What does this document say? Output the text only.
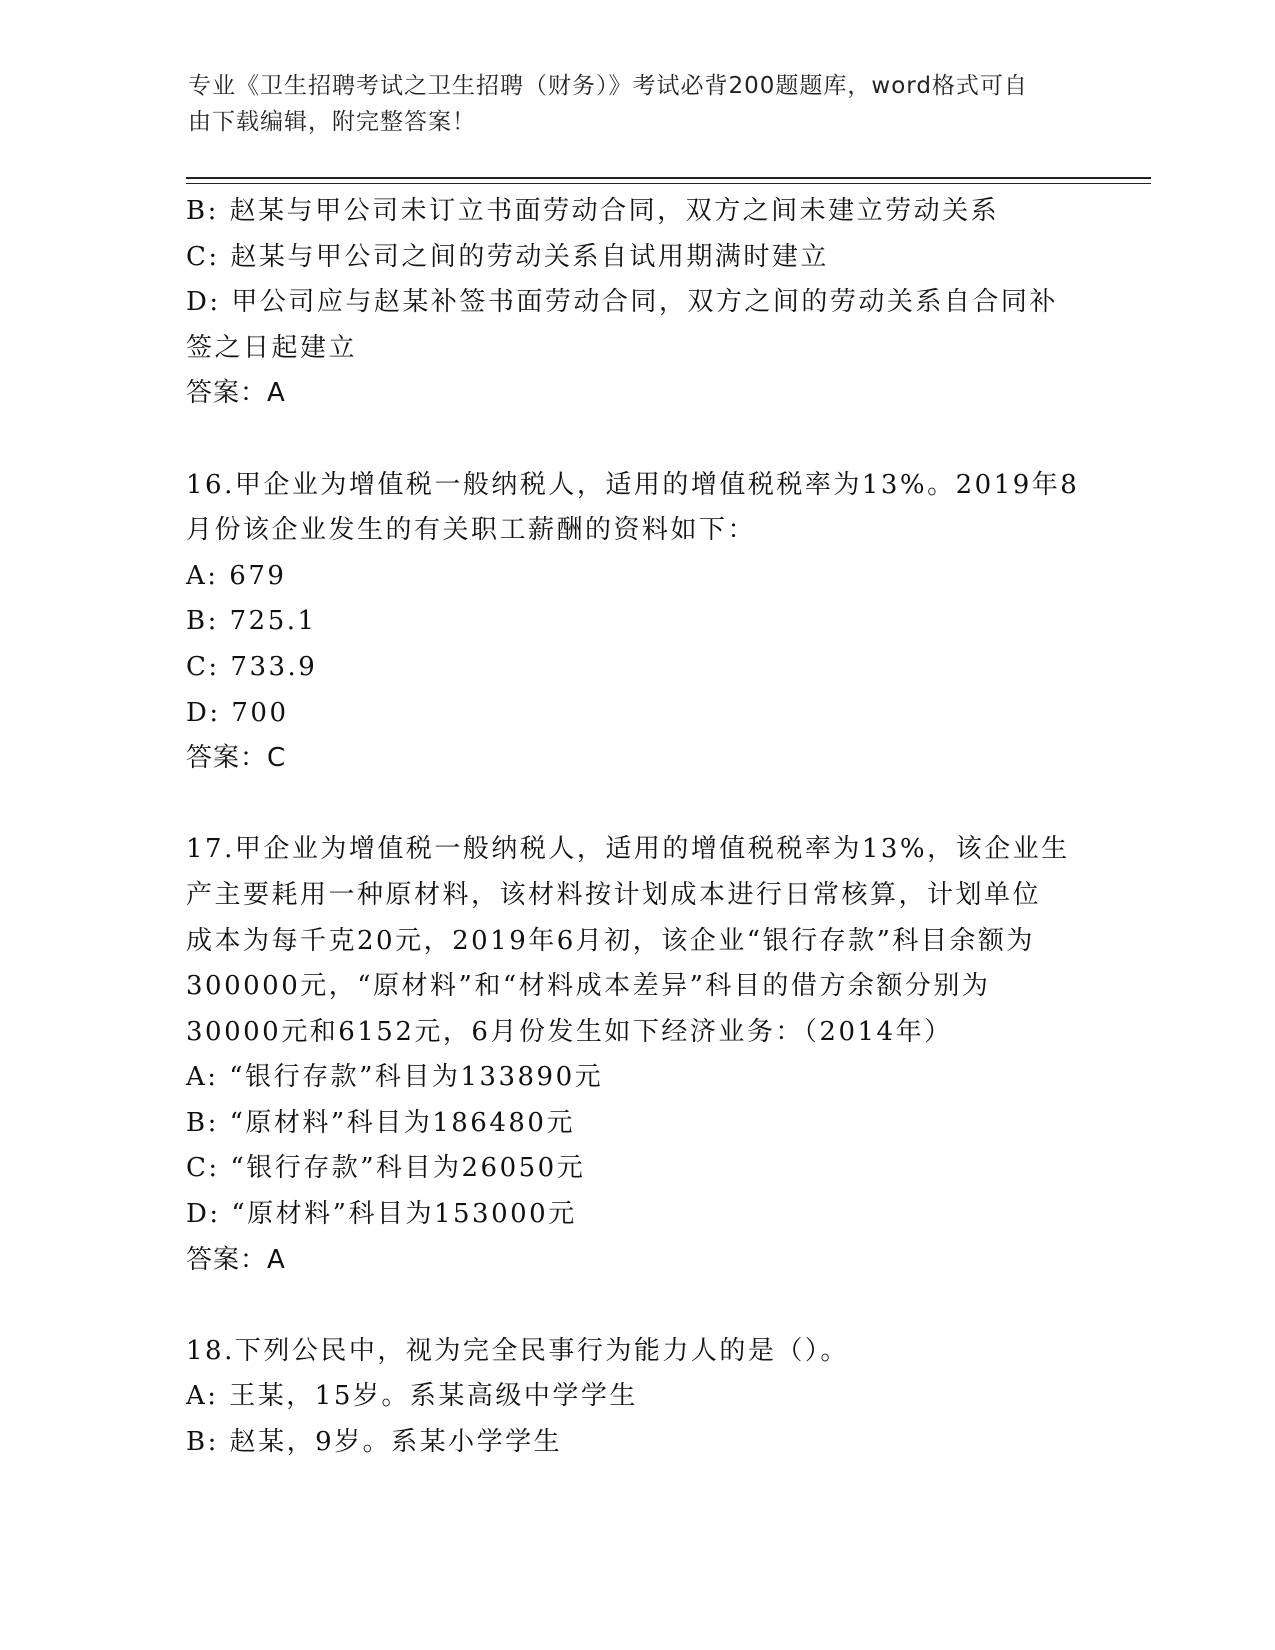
专业《卫生招聘考试之卫生招聘（财务）》考试必背200题题库，word格式可自
由下载编辑，附完整答案！
B: 赵某与甲公司未订立书面劳动合同，双方之间未建立劳动关系
C: 赵某与甲公司之间的劳动关系自试用期满时建立
D: 甲公司应与赵某补签书面劳动合同，双方之间的劳动关系自合同补
签之日起建立
答案：A
16.甲企业为增值税一般纳税人，适用的增值税税率为13%。2019年8
月份该企业发生的有关职工薪酬的资料如下：
A: 679
B: 725.1
C: 733.9
D: 700
答案：C
17.甲企业为增值税一般纳税人，适用的增值税税率为13%，该企业生
产主要耗用一种原材料，该材料按计划成本进行日常核算，计划单位
成本为每千克20元，2019年6月初，该企业“银行存款”科目余额为
300000元，“原材料”和“材料成本差异”科目的借方余额分别为
30000元和6152元，6月份发生如下经济业务：（2014年）
A: “银行存款”科目为133890元
B: “原材料”科目为186480元
C: “银行存款”科目为26050元
D: “原材料”科目为153000元
答案：A
18.下列公民中，视为完全民事行为能力人的是（）。
A: 王某，15岁。系某高级中学学生
B: 赵某，9岁。系某小学学生
